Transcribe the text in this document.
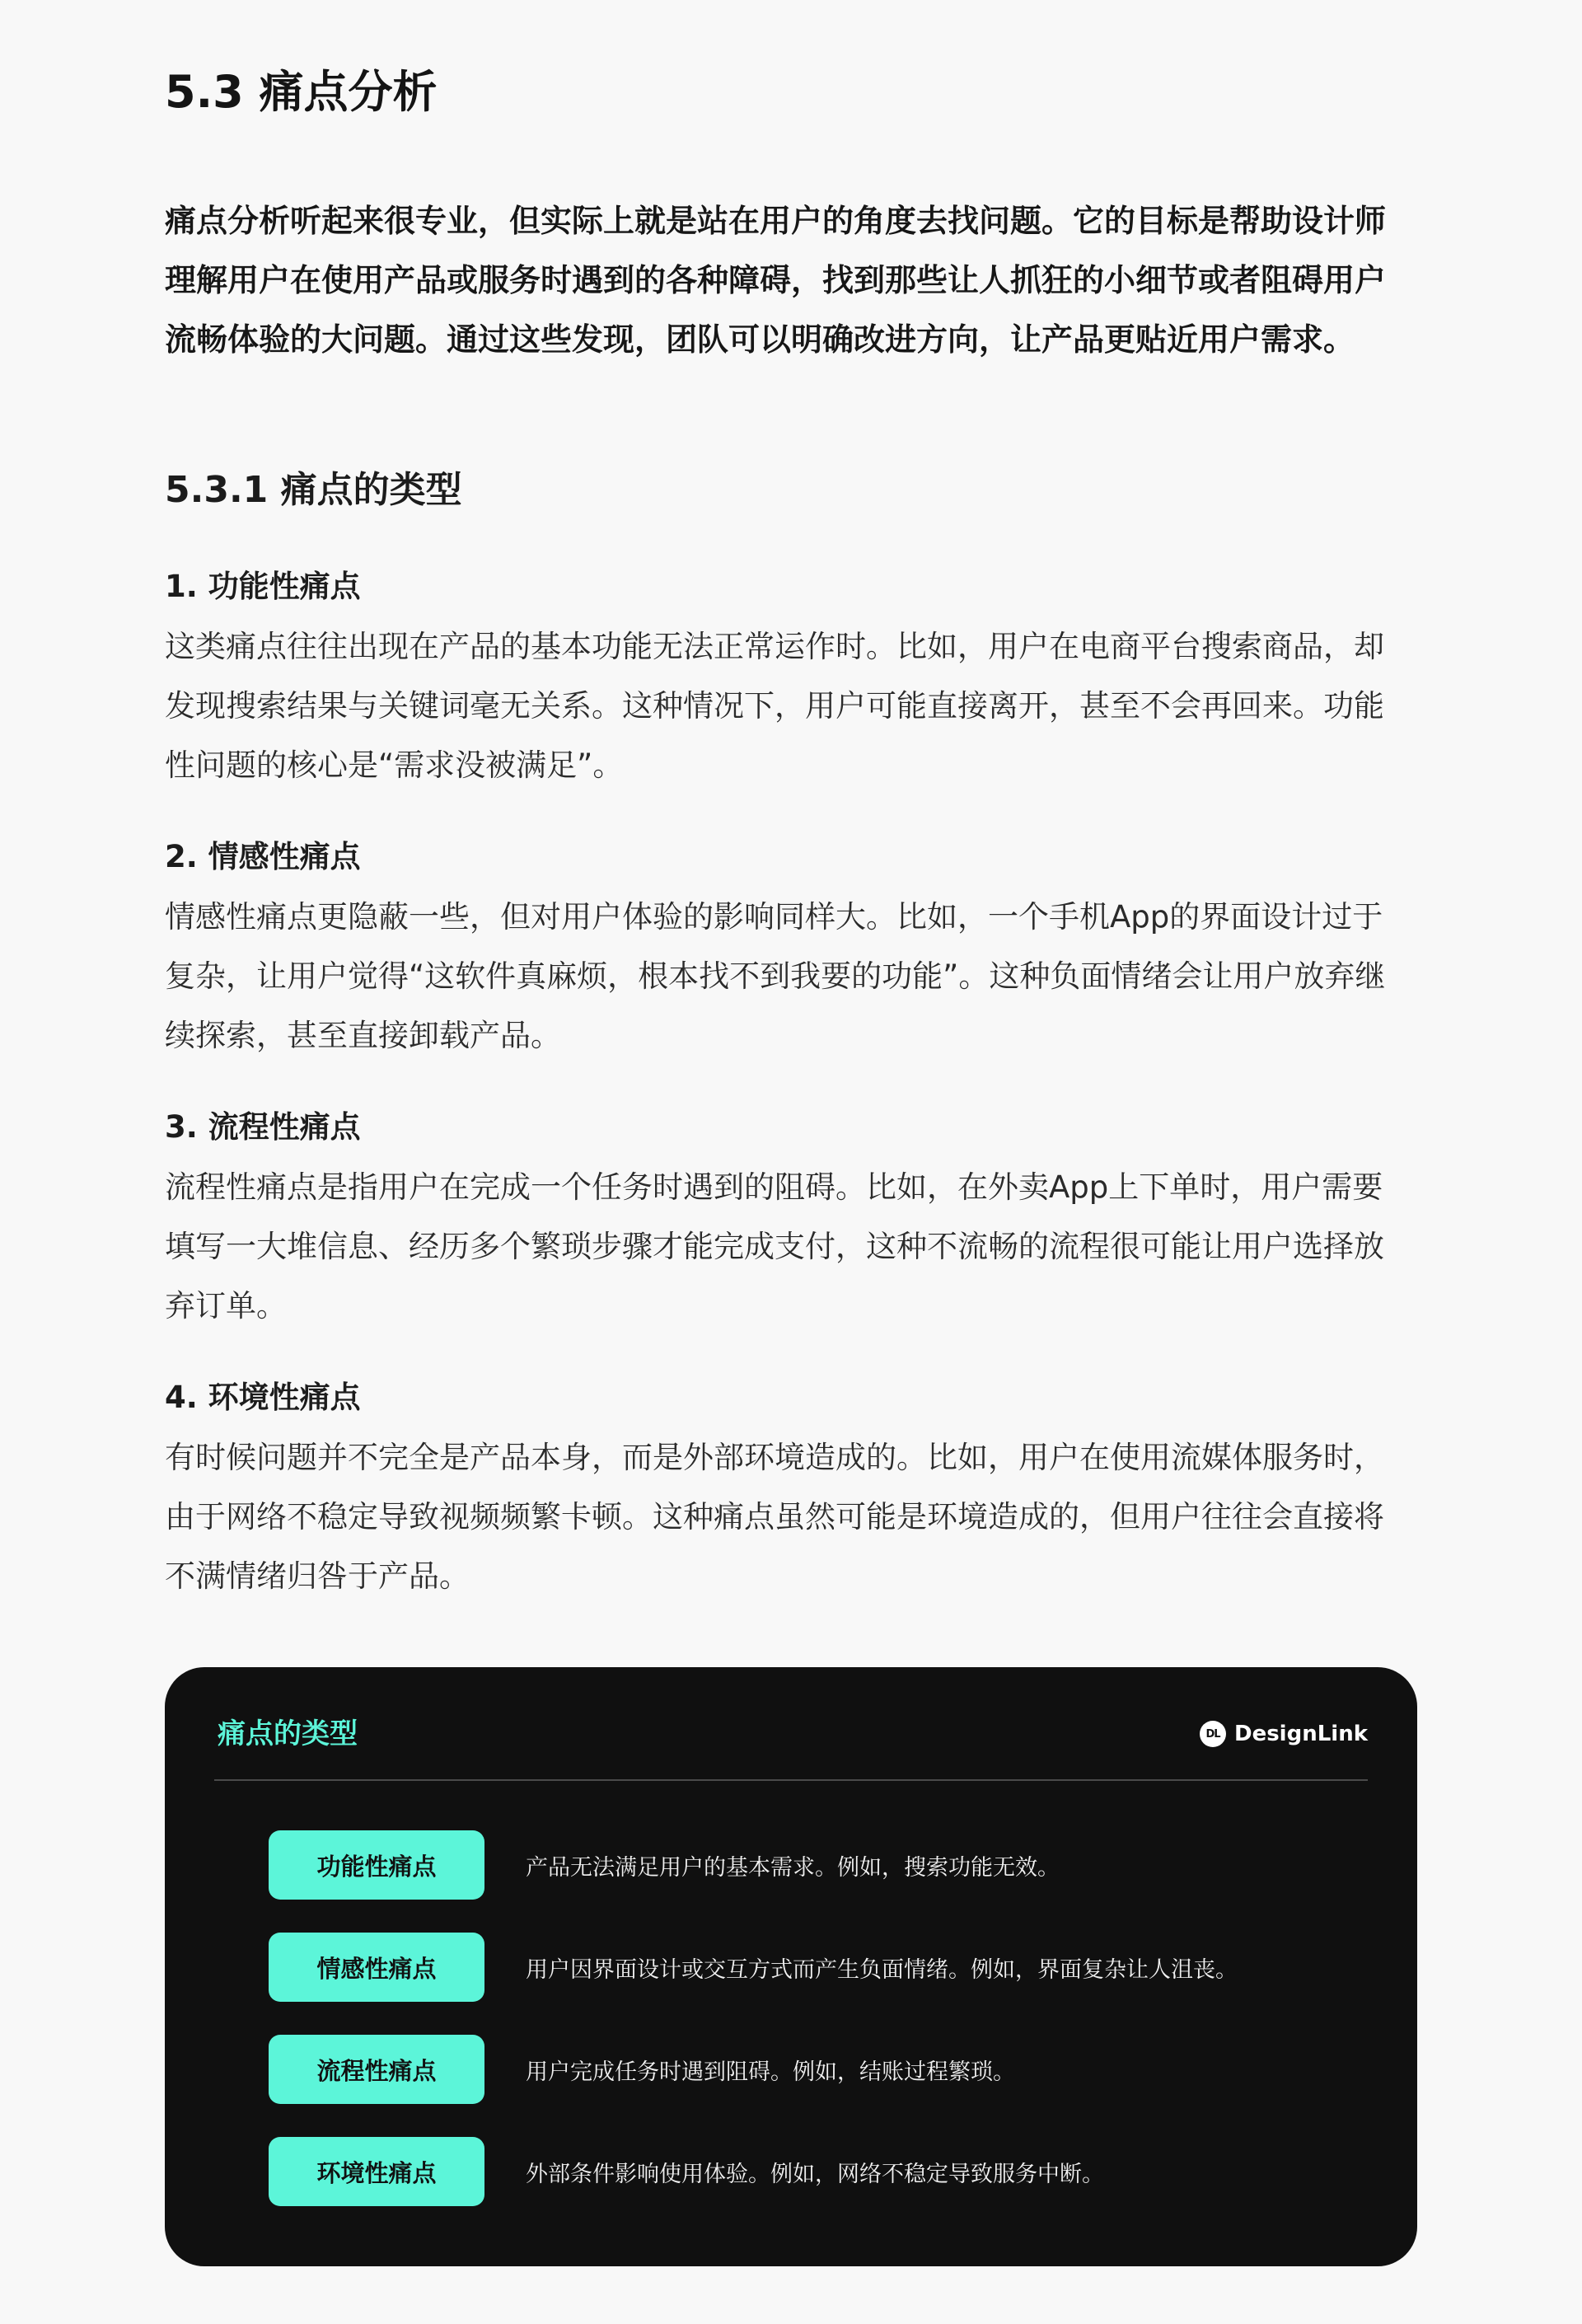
5.3 痛点分析

痛点分析听起来很专业，但实际上就是站在用户的角度去找问题。它的目标是帮助设计师理解用户在使用产品或服务时遇到的各种障碍，找到那些让人抓狂的小细节或者阻碍用户流畅体验的大问题。通过这些发现，团队可以明确改进方向，让产品更贴近用户需求。

5.3.1 痛点的类型
1. 功能性痛点

这类痛点往往出现在产品的基本功能无法正常运作时。比如，用户在电商平台搜索商品，却发现搜索结果与关键词毫无关系。这种情况下，用户可能直接离开，甚至不会再回来。功能性问题的核心是“需求没被满足”。

2. 情感性痛点

情感性痛点更隐蔽一些，但对用户体验的影响同样大。比如，一个手机App的界面设计过于复杂，让用户觉得“这软件真麻烦，根本找不到我要的功能”。这种负面情绪会让用户放弃继续探索，甚至直接卸载产品。

3. 流程性痛点

流程性痛点是指用户在完成一个任务时遇到的阻碍。比如，在外卖App上下单时，用户需要填写一大堆信息、经历多个繁琐步骤才能完成支付，这种不流畅的流程很可能让用户选择放弃订单。

4. 环境性痛点

有时候问题并不完全是产品本身，而是外部环境造成的。比如，用户在使用流媒体服务时，由于网络不稳定导致视频频繁卡顿。这种痛点虽然可能是环境造成的，但用户往往会直接将不满情绪归咎于产品。

痛点的类型	DL DesignLink
功能性痛点	产品无法满足用户的基本需求。例如，搜索功能无效。
情感性痛点	用户因界面设计或交互方式而产生负面情绪。例如，界面复杂让人沮丧。
流程性痛点	用户完成任务时遇到阻碍。例如，结账过程繁琐。
环境性痛点	外部条件影响使用体验。例如，网络不稳定导致服务中断。
